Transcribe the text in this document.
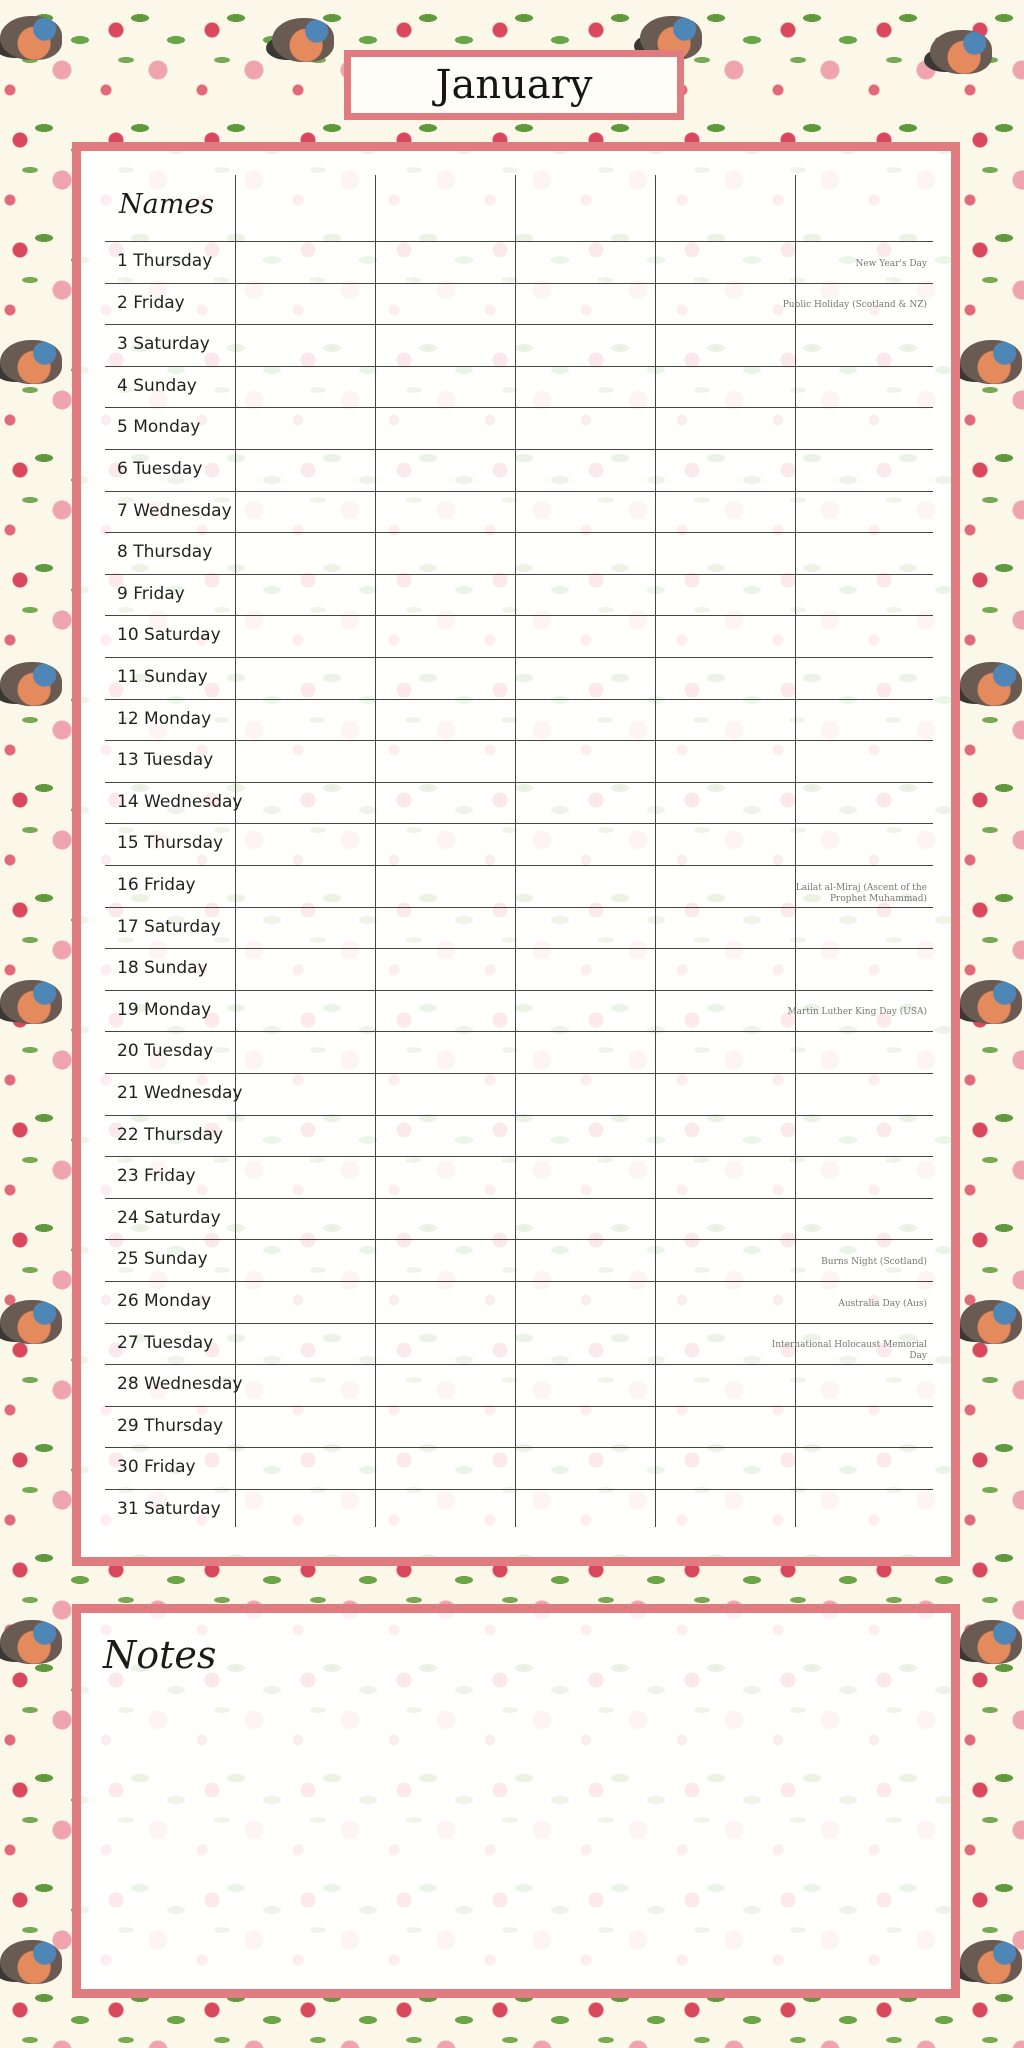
January
Names
1 Thursday	New Year's Day
2 Friday	Public Holiday (Scotland & NZ)
3 Saturday
4 Sunday
5 Monday
6 Tuesday
7 Wednesday
8 Thursday
9 Friday
10 Saturday
11 Sunday
12 Monday
13 Tuesday
14 Wednesday
15 Thursday
16 Friday	Lailat al-Miraj (Ascent of the Prophet Muhammad)
17 Saturday
18 Sunday
19 Monday	Martin Luther King Day (USA)
20 Tuesday
21 Wednesday
22 Thursday
23 Friday
24 Saturday
25 Sunday	Burns Night (Scotland)
26 Monday	Australia Day (Aus)
27 Tuesday	International Holocaust Memorial Day
28 Wednesday
29 Thursday
30 Friday
31 Saturday
Notes
